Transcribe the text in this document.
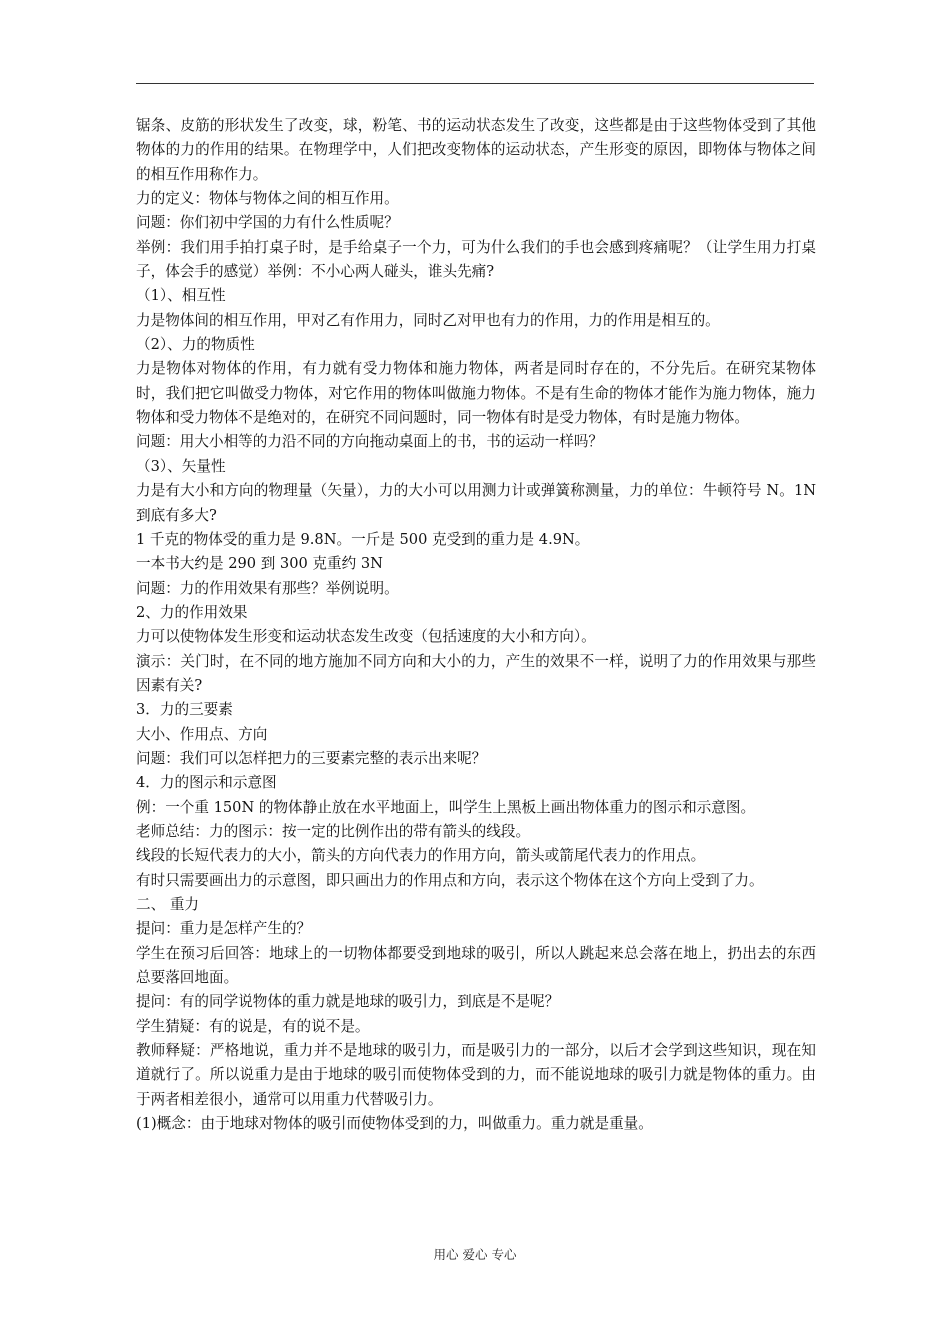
锯条、皮筋的形状发生了改变，球，粉笔、书的运动状态发生了改变，这些都是由于这些物体受到了其他物体的力的作用的结果。在物理学中，人们把改变物体的运动状态，产生形变的原因，即物体与物体之间的相互作用称作力。

力的定义：物体与物体之间的相互作用。

问题：你们初中学国的力有什么性质呢？

举例：我们用手拍打桌子时，是手给桌子一个力，可为什么我们的手也会感到疼痛呢？（让学生用力打桌子，体会手的感觉）举例：不小心两人碰头，谁头先痛?

（1）、相互性

力是物体间的相互作用，甲对乙有作用力，同时乙对甲也有力的作用，力的作用是相互的。

（2）、力的物质性

力是物体对物体的作用，有力就有受力物体和施力物体，两者是同时存在的，不分先后。在研究某物体时，我们把它叫做受力物体，对它作用的物体叫做施力物体。不是有生命的物体才能作为施力物体，施力物体和受力物体不是绝对的，在研究不同问题时，同一物体有时是受力物体，有时是施力物体。

问题：用大小相等的力沿不同的方向拖动桌面上的书，书的运动一样吗？

（3）、矢量性

力是有大小和方向的物理量（矢量），力的大小可以用测力计或弹簧称测量，力的单位：牛顿符号 N。1N 到底有多大?

1 千克的物体受的重力是 9.8N。一斤是 500 克受到的重力是 4.9N。

一本书大约是 290 到 300 克重约 3N

问题：力的作用效果有那些？举例说明。

2、力的作用效果

力可以使物体发生形变和运动状态发生改变（包括速度的大小和方向）。

演示：关门时，在不同的地方施加不同方向和大小的力，产生的效果不一样，说明了力的作用效果与那些因素有关?

3．力的三要素

大小、作用点、方向

问题：我们可以怎样把力的三要素完整的表示出来呢？

4．力的图示和示意图

例：一个重 150N 的物体静止放在水平地面上，叫学生上黑板上画出物体重力的图示和示意图。

老师总结：力的图示：按一定的比例作出的带有箭头的线段。

线段的长短代表力的大小，箭头的方向代表力的作用方向，箭头或箭尾代表力的作用点。

有时只需要画出力的示意图，即只画出力的作用点和方向，表示这个物体在这个方向上受到了力。

二、 重力

提问：重力是怎样产生的？

学生在预习后回答：地球上的一切物体都要受到地球的吸引，所以人跳起来总会落在地上，扔出去的东西总要落回地面。

提问：有的同学说物体的重力就是地球的吸引力，到底是不是呢？

学生猜疑：有的说是，有的说不是。

教师释疑：严格地说，重力并不是地球的吸引力，而是吸引力的一部分，以后才会学到这些知识，现在知道就行了。所以说重力是由于地球的吸引而使物体受到的力，而不能说地球的吸引力就是物体的重力。由于两者相差很小，通常可以用重力代替吸引力。

(1)概念：由于地球对物体的吸引而使物体受到的力，叫做重力。重力就是重量。

用心 爱心 专心
